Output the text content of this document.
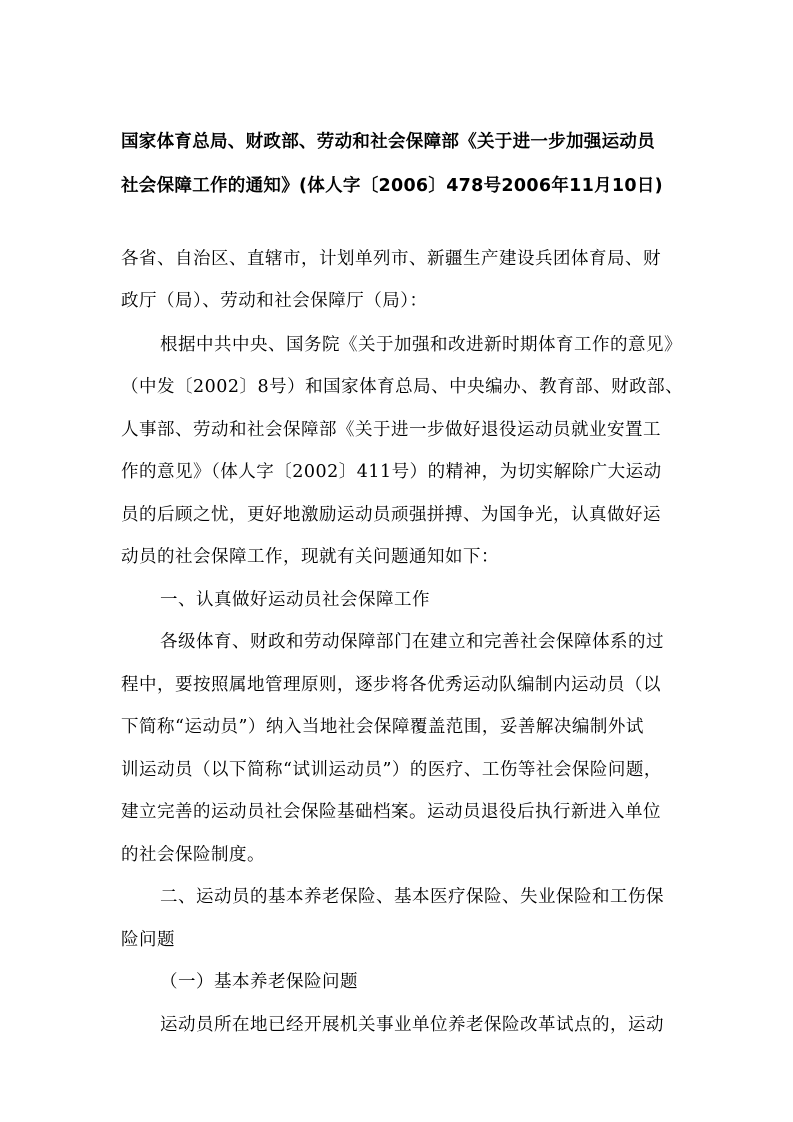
国家体育总局、财政部、劳动和社会保障部《关于进一步加强运动员

社会保障工作的通知》(体人字〔2006〕478号2006年11月10日)

各省、自治区、直辖市，计划单列市、新疆生产建设兵团体育局、财

政厅（局）、劳动和社会保障厅（局）：

根据中共中央、国务院《关于加强和改进新时期体育工作的意见》

（中发〔2002〕8号）和国家体育总局、中央编办、教育部、财政部、

人事部、劳动和社会保障部《关于进一步做好退役运动员就业安置工

作的意见》（体人字〔2002〕411号）的精神，为切实解除广大运动

员的后顾之忧，更好地激励运动员顽强拼搏、为国争光，认真做好运

动员的社会保障工作，现就有关问题通知如下：

一、认真做好运动员社会保障工作

各级体育、财政和劳动保障部门在建立和完善社会保障体系的过

程中，要按照属地管理原则，逐步将各优秀运动队编制内运动员（以

下简称“运动员”）纳入当地社会保障覆盖范围，妥善解决编制外试

训运动员（以下简称“试训运动员”）的医疗、工伤等社会保险问题，

建立完善的运动员社会保险基础档案。运动员退役后执行新进入单位

的社会保险制度。

二、运动员的基本养老保险、基本医疗保险、失业保险和工伤保

险问题

（一）基本养老保险问题

运动员所在地已经开展机关事业单位养老保险改革试点的，运动
